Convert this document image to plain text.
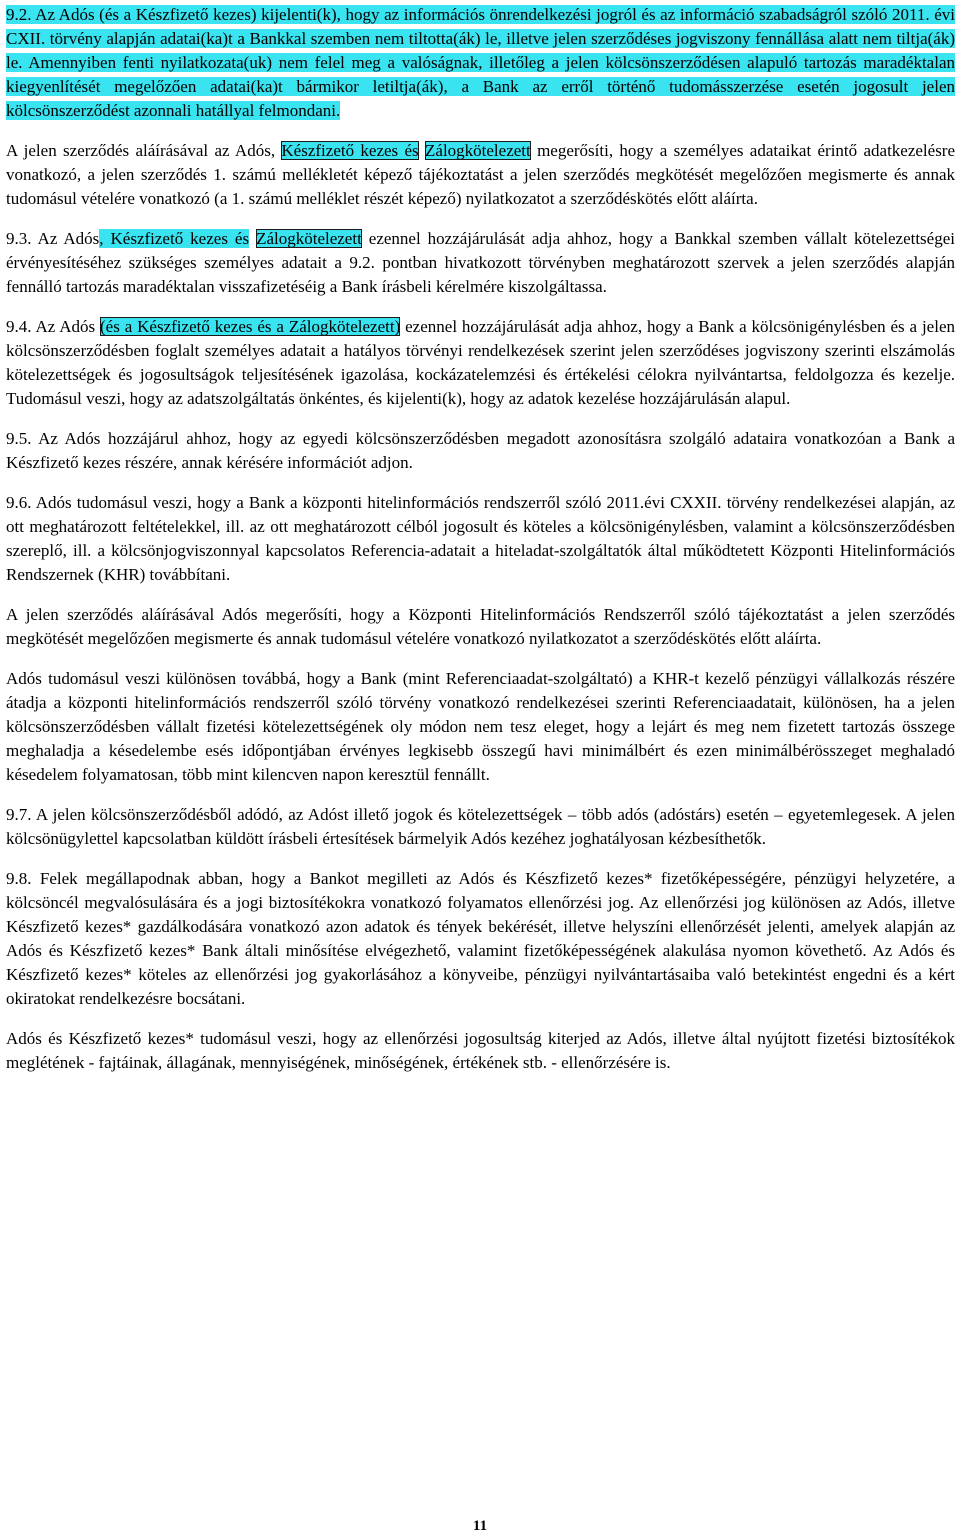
9.2. Az Adós (és a Készfizető kezes) kijelenti(k), hogy az információs önrendelkezési jogról és az információ szabadságról szóló 2011. évi CXII. törvény alapján adatai(ka)t a Bankkal szemben nem tiltotta(ák) le, illetve jelen szerződéses jogviszony fennállása alatt nem tiltja(ák) le. Amennyiben fenti nyilatkozata(uk) nem felel meg a valóságnak, illetőleg a jelen kölcsönszerződésen alapuló tartozás maradéktalan kiegyenlítését megelőzően adatai(ka)t bármikor letiltja(ák), a Bank az erről történő tudomásszerzése esetén jogosult jelen kölcsönszerződést azonnali hatállyal felmondani.

A jelen szerződés aláírásával az Adós, Készfizető kezes és Zálogkötelezett megerősíti, hogy a személyes adataikat érintő adatkezelésre vonatkozó, a jelen szerződés 1. számú mellékletét képező tájékoztatást a jelen szerződés megkötését megelőzően megismerte és annak tudomásul vételére vonatkozó (a 1. számú melléklet részét képező) nyilatkozatot a szerződéskötés előtt aláírta.

9.3. Az Adós, Készfizető kezes és Zálogkötelezett ezennel hozzájárulását adja ahhoz, hogy a Bankkal szemben vállalt kötelezettségei érvényesítéséhez szükséges személyes adatait a 9.2. pontban hivatkozott törvényben meghatározott szervek a jelen szerződés alapján fennálló tartozás maradéktalan visszafizetéséig a Bank írásbeli kérelmére kiszolgáltassa.

9.4. Az Adós (és a Készfizető kezes és a Zálogkötelezett) ezennel hozzájárulását adja ahhoz, hogy a Bank a kölcsönigénylésben és a jelen kölcsönszerződésben foglalt személyes adatait a hatályos törvényi rendelkezések szerint jelen szerződéses jogviszony szerinti elszámolás kötelezettségek és jogosultságok teljesítésének igazolása, kockázatelemzési és értékelési célokra nyilvántartsa, feldolgozza és kezelje. Tudomásul veszi, hogy az adatszolgáltatás önkéntes, és kijelenti(k), hogy az adatok kezelése hozzájárulásán alapul.

9.5. Az Adós hozzájárul ahhoz, hogy az egyedi kölcsönszerződésben megadott azonosításra szolgáló adataira vonatkozóan a Bank a Készfizető kezes részére, annak kérésére információt adjon.

9.6. Adós tudomásul veszi, hogy a Bank a központi hitelinformációs rendszerről szóló 2011.évi CXXII. törvény rendelkezései alapján, az ott meghatározott feltételekkel, ill. az ott meghatározott célból jogosult és köteles a kölcsönigénylésben, valamint a kölcsönszerződésben szereplő, ill. a kölcsönjogviszonnyal kapcsolatos Referencia-adatait a hiteladat-szolgáltatók által működtetett Központi Hitelinformációs Rendszernek (KHR) továbbítani.

A jelen szerződés aláírásával Adós megerősíti, hogy a Központi Hitelinformációs Rendszerről szóló tájékoztatást a jelen szerződés megkötését megelőzően megismerte és annak tudomásul vételére vonatkozó nyilatkozatot a szerződéskötés előtt aláírta.

Adós tudomásul veszi különösen továbbá, hogy a Bank (mint Referenciaadat-szolgáltató) a KHR-t kezelő pénzügyi vállalkozás részére átadja a központi hitelinformációs rendszerről szóló törvény vonatkozó rendelkezései szerinti Referenciaadatait, különösen, ha a jelen kölcsönszerződésben vállalt fizetési kötelezettségének oly módon nem tesz eleget, hogy a lejárt és meg nem fizetett tartozás összege meghaladja a késedelembe esés időpontjában érvényes legkisebb összegű havi minimálbért és ezen minimálbérösszeget meghaladó késedelem folyamatosan, több mint kilencven napon keresztül fennállt.

9.7. A jelen kölcsönszerződésből adódó, az Adóst illető jogok és kötelezettségek – több adós (adóstárs) esetén – egyetemlegesek. A jelen kölcsönügylettel kapcsolatban küldött írásbeli értesítések bármelyik Adós kezéhez joghatályosan kézbesíthetők.

9.8. Felek megállapodnak abban, hogy a Bankot megilleti az Adós és Készfizető kezes* fizetőképességére, pénzügyi helyzetére, a kölcsöncél megvalósulására és a jogi biztosítékokra vonatkozó folyamatos ellenőrzési jog. Az ellenőrzési jog különösen az Adós, illetve Készfizető kezes* gazdálkodására vonatkozó azon adatok és tények bekérését, illetve helyszíni ellenőrzését jelenti, amelyek alapján az Adós és Készfizető kezes* Bank általi minősítése elvégezhető, valamint fizetőképességének alakulása nyomon követhető. Az Adós és Készfizető kezes* köteles az ellenőrzési jog gyakorlásához a könyveibe, pénzügyi nyilvántartásaiba való betekintést engedni és a kért okiratokat rendelkezésre bocsátani.

Adós és Készfizető kezes* tudomásul veszi, hogy az ellenőrzési jogosultság kiterjed az Adós, illetve által nyújtott fizetési biztosítékok meglétének - fajtáinak, állagának, mennyiségének, minőségének, értékének stb. - ellenőrzésére is.

11
